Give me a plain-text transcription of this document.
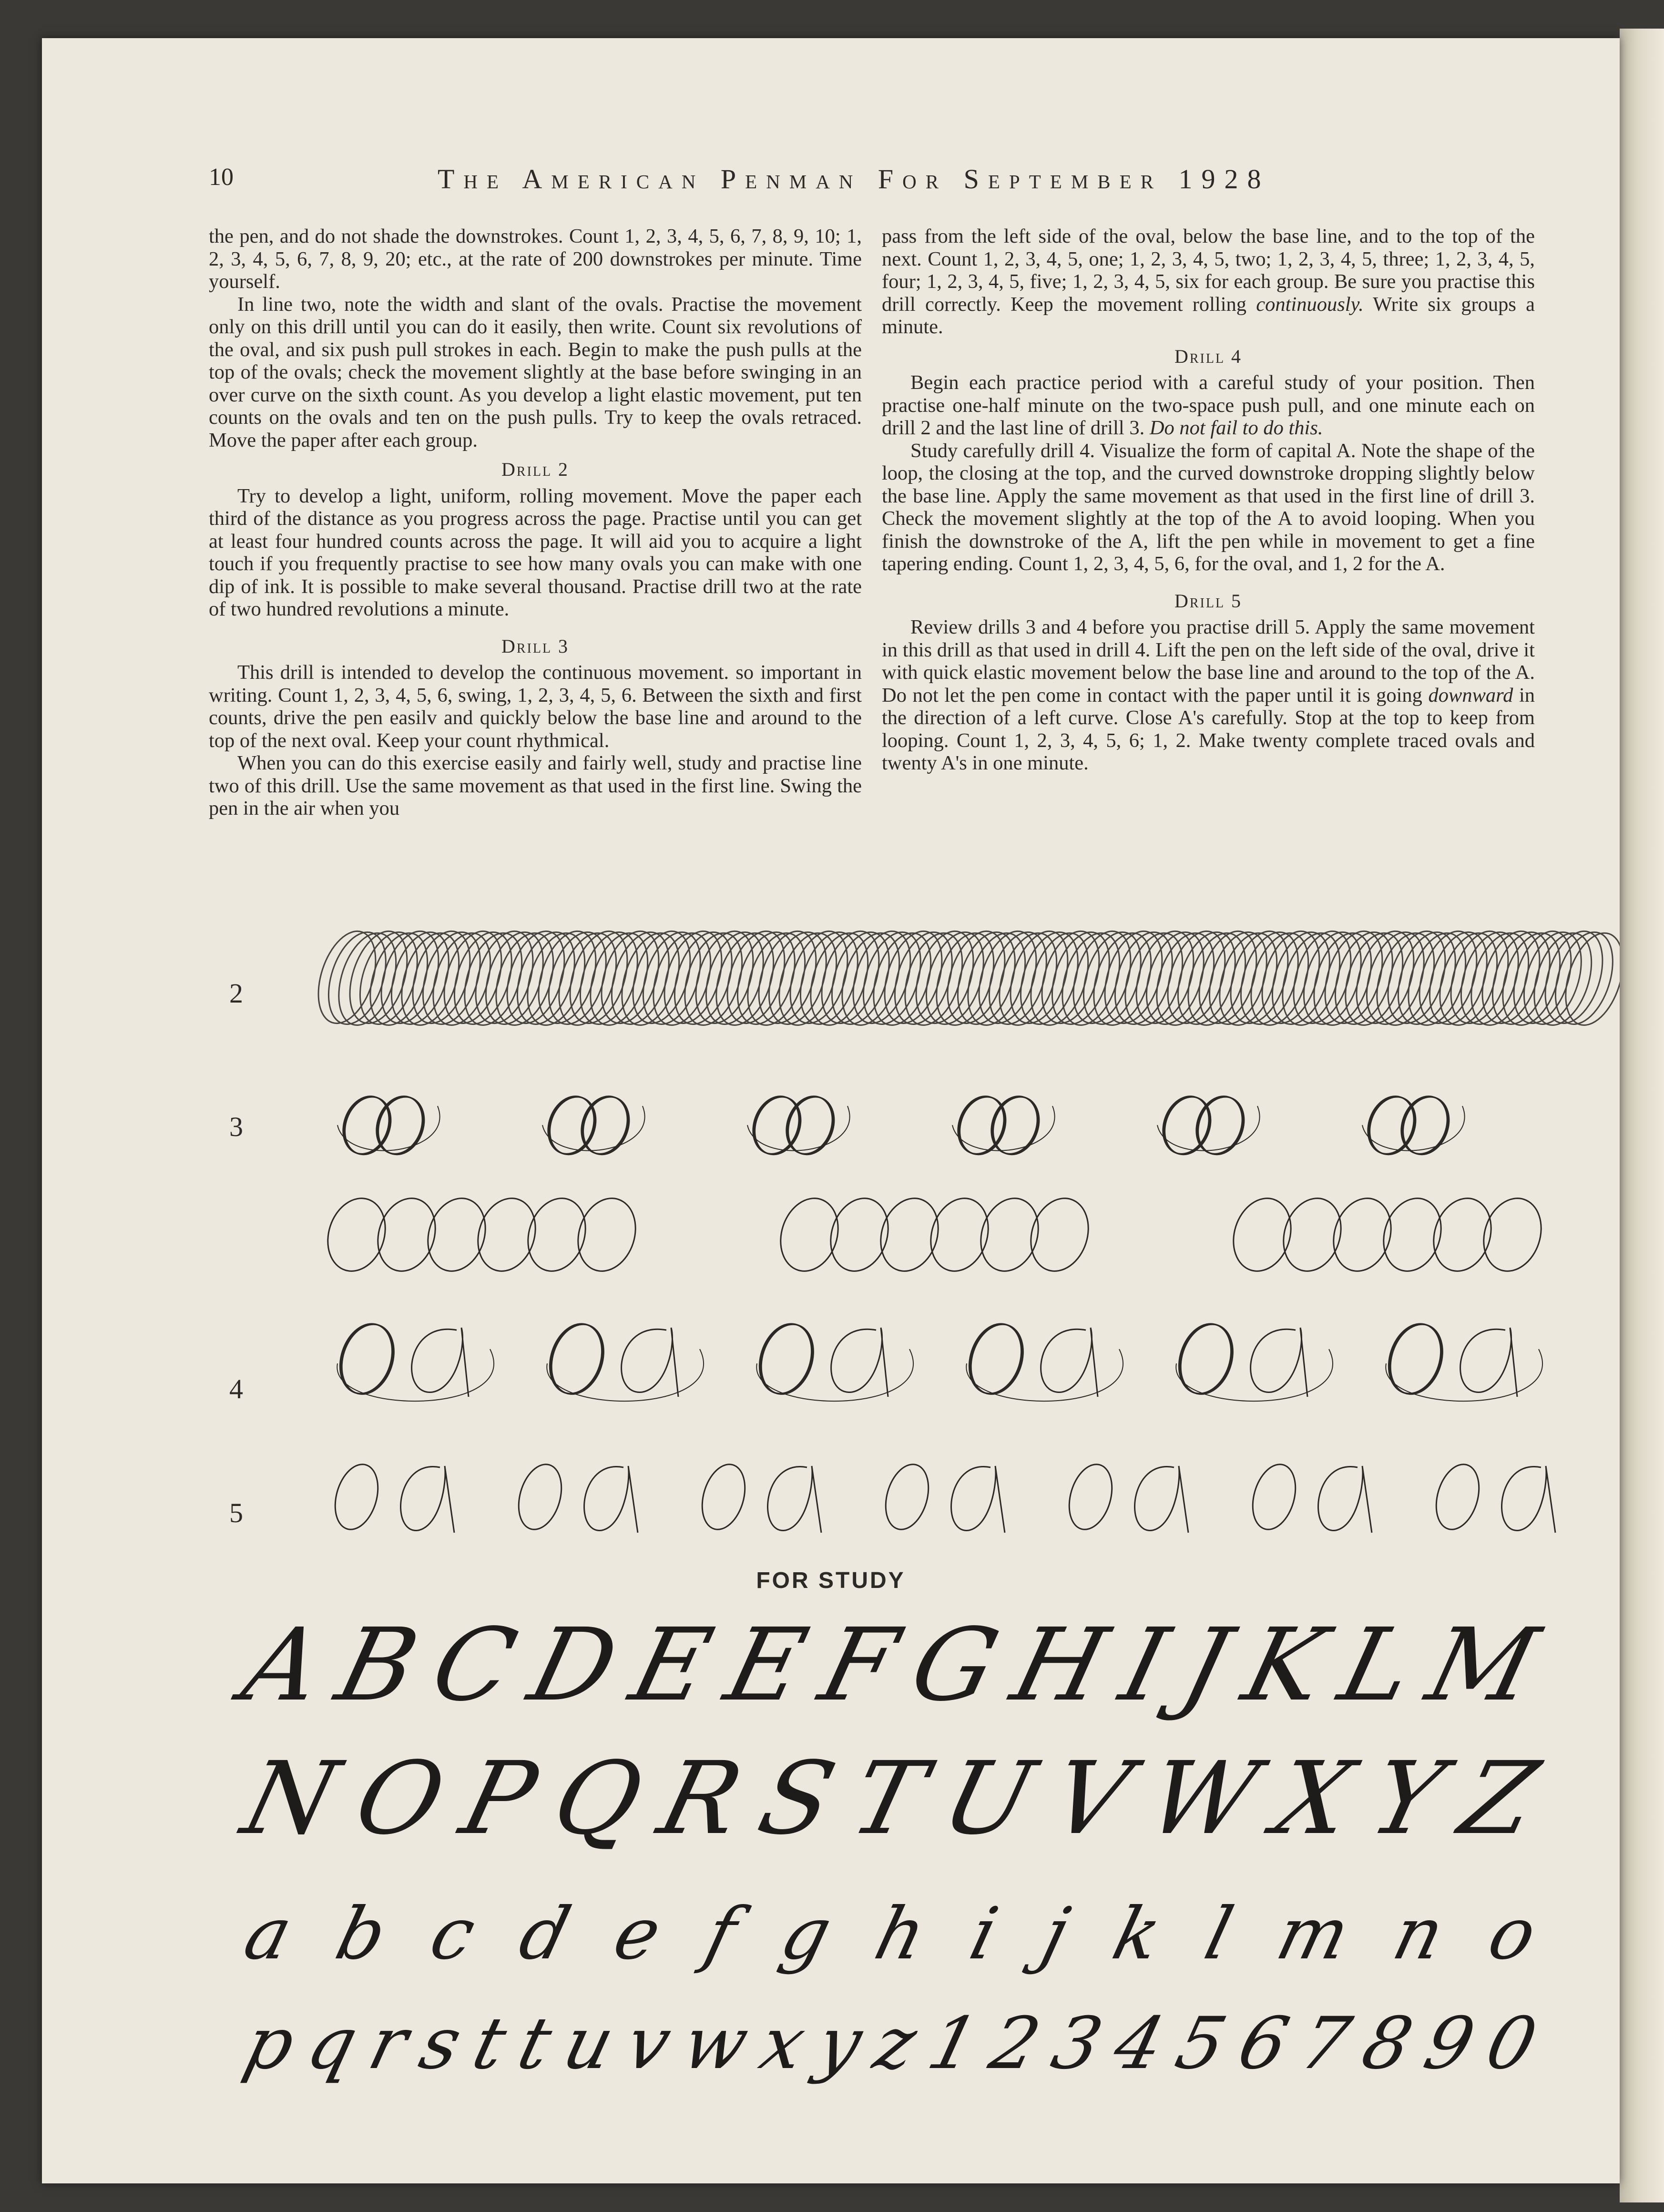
10	The American Penman For September 1928

the pen, and do not shade the downstrokes. Count 1, 2, 3, 4, 5, 6, 7, 8, 9, 10; 1, 2, 3, 4, 5, 6, 7, 8, 9, 20; etc., at the rate of 200 downstrokes per minute. Time yourself.

In line two, note the width and slant of the ovals. Practise the movement only on this drill until you can do it easily, then write. Count six revolutions of the oval, and six push pull strokes in each. Begin to make the push pulls at the top of the ovals; check the movement slightly at the base before swinging in an over curve on the sixth count. As you develop a light elastic movement, put ten counts on the ovals and ten on the push pulls. Try to keep the ovals retraced. Move the paper after each group.

Drill 2

Try to develop a light, uniform, rolling movement. Move the paper each third of the distance as you progress across the page. Practise until you can get at least four hundred counts across the page. It will aid you to acquire a light touch if you frequently practise to see how many ovals you can make with one dip of ink. It is possible to make several thousand. Practise drill two at the rate of two hundred revolutions a minute.

Drill 3

This drill is intended to develop the continuous movement. so important in writing. Count 1, 2, 3, 4, 5, 6, swing, 1, 2, 3, 4, 5, 6. Between the sixth and first counts, drive the pen easilv and quickly below the base line and around to the top of the next oval. Keep your count rhythmical.

When you can do this exercise easily and fairly well, study and practise line two of this drill. Use the same movement as that used in the first line. Swing the pen in the air when you

pass from the left side of the oval, below the base line, and to the top of the next. Count 1, 2, 3, 4, 5, one; 1, 2, 3, 4, 5, two; 1, 2, 3, 4, 5, three; 1, 2, 3, 4, 5, four; 1, 2, 3, 4, 5, five; 1, 2, 3, 4, 5, six for each group. Be sure you practise this drill correctly. Keep the movement rolling continuously. Write six groups a minute.

Drill 4

Begin each practice period with a careful study of your position. Then practise one-half minute on the two-space push pull, and one minute each on drill 2 and the last line of drill 3. Do not fail to do this.

Study carefully drill 4. Visualize the form of capital A. Note the shape of the loop, the closing at the top, and the curved downstroke dropping slightly below the base line. Apply the same movement as that used in the first line of drill 3. Check the movement slightly at the top of the A to avoid looping. When you finish the downstroke of the A, lift the pen while in movement to get a fine tapering ending. Count 1, 2, 3, 4, 5, 6, for the oval, and 1, 2 for the A.

Drill 5

Review drills 3 and 4 before you practise drill 5. Apply the same movement in this drill as that used in drill 4. Lift the pen on the left side of the oval, drive it with quick elastic movement below the base line and around to the top of the A. Do not let the pen come in contact with the paper until it is going downward in the direction of a left curve. Close A's carefully. Stop at the top to keep from looping. Count 1, 2, 3, 4, 5, 6; 1, 2. Make twenty complete traced ovals and twenty A's in one minute.

2
3
4
5
FOR STUDY
A
B
C
D
E
E
F
G
H
I
J
K
L
M
N
O
P
Q
R
S
T
U
V
W
X
Y
Z
a b c d e f g h i j k l m n o
p
q
r
s
t
t
u
v
w
x
y
z
1
2
3
4
5
6
7
8
9
0
